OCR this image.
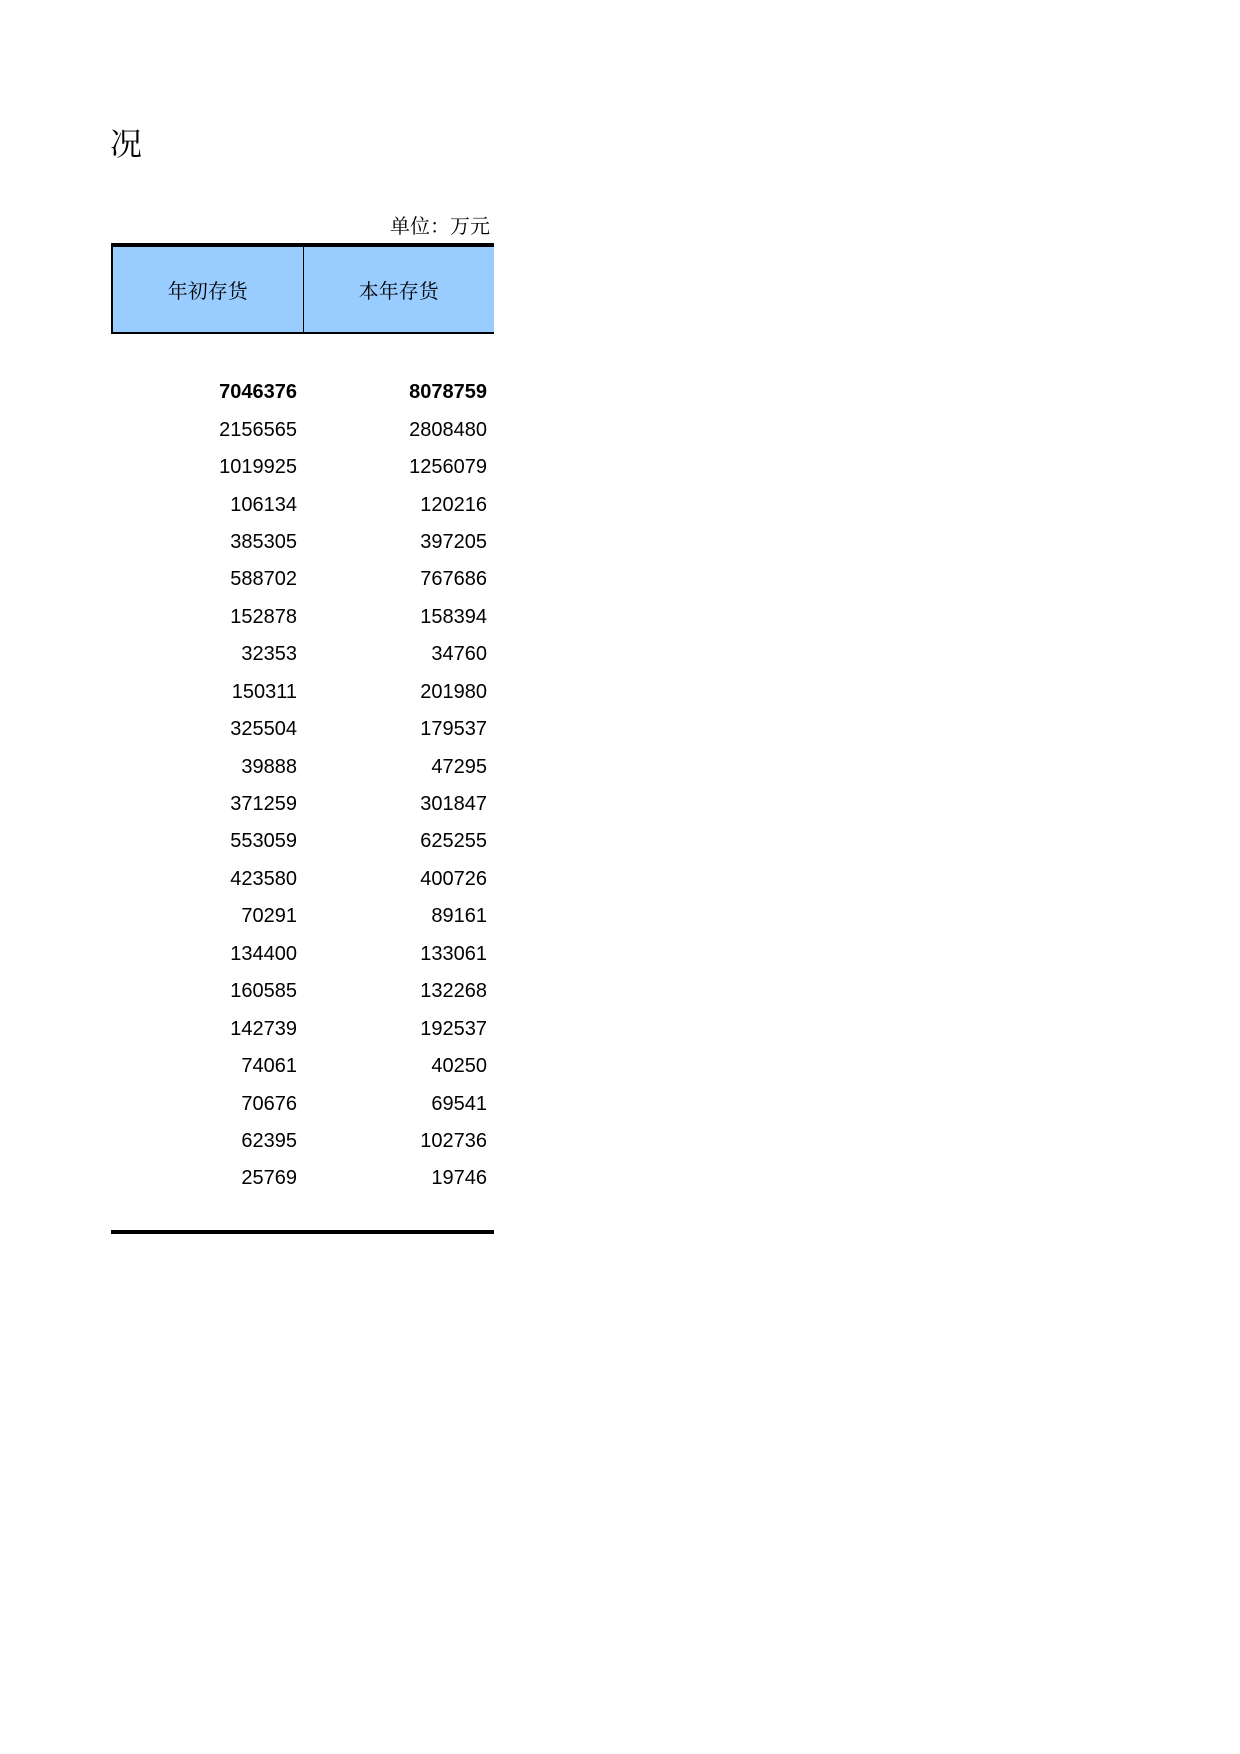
况
单位：万元
年初存货	本年存货
7046376	8078759
2156565	2808480
1019925	1256079
106134	120216
385305	397205
588702	767686
152878	158394
32353	34760
150311	201980
325504	179537
39888	47295
371259	301847
553059	625255
423580	400726
70291	89161
134400	133061
160585	132268
142739	192537
74061	40250
70676	69541
62395	102736
25769	19746
